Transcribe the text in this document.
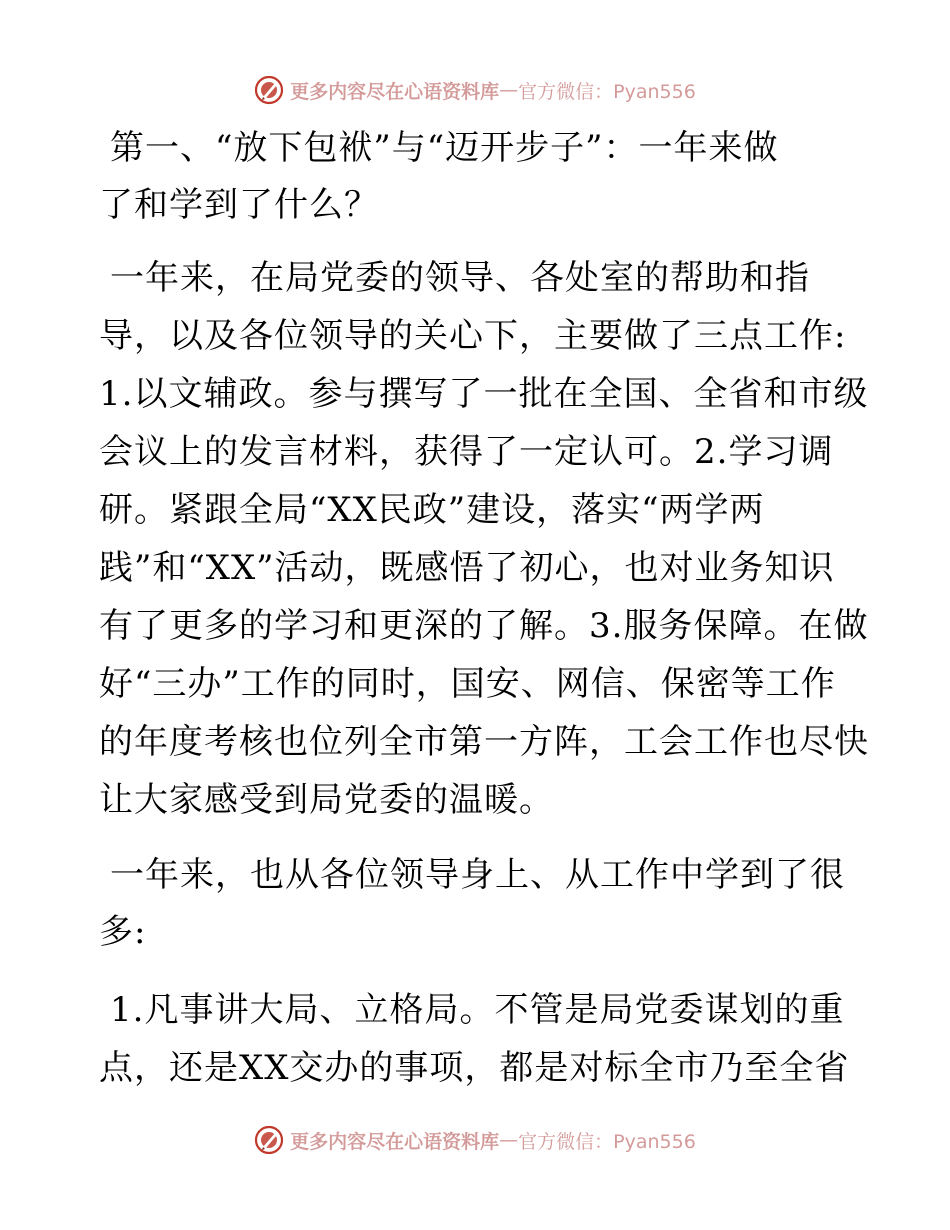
更多内容尽在心语资料库 — 官方微信：Pyan556
第一、“放下包袱”与“迈开步子”：一年来做
了和学到了什么？
一年来，在局党委的领导、各处室的帮助和指
导，以及各位领导的关心下，主要做了三点工作:
1.以文辅政。参与撰写了一批在全国、全省和市级
会议上的发言材料，获得了一定认可。2.学习调
研。紧跟全局“XX民政”建设，落实“两学两
践”和“XX”活动，既感悟了初心，也对业务知识
有了更多的学习和更深的了解。3.服务保障。在做
好“三办”工作的同时，国安、网信、保密等工作
的年度考核也位列全市第一方阵，工会工作也尽快
让大家感受到局党委的温暖。
一年来，也从各位领导身上、从工作中学到了很
多:
1.凡事讲大局、立格局。不管是局党委谋划的重
点，还是XX交办的事项，都是对标全市乃至全省
更多内容尽在心语资料库 — 官方微信：Pyan556
